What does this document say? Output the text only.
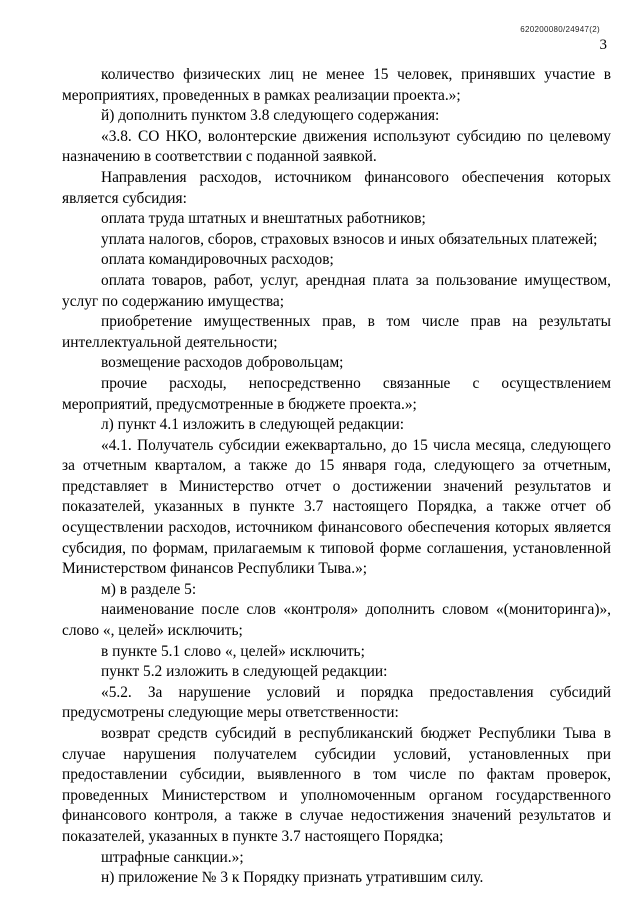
620200080/24947(2)
3

количество физических лиц не менее 15 человек, принявших участие в мероприятиях, проведенных в рамках реализации проекта.»;

й) дополнить пунктом 3.8 следующего содержания:

«3.8. СО НКО, волонтерские движения используют субсидию по целевому назначению в соответствии с поданной заявкой.

Направления расходов, источником финансового обеспечения которых является субсидия:

оплата труда штатных и внештатных работников;

уплата налогов, сборов, страховых взносов и иных обязательных платежей;

оплата командировочных расходов;

оплата товаров, работ, услуг, арендная плата за пользование имуществом, услуг по содержанию имущества;

приобретение имущественных прав, в том числе прав на результаты интеллектуальной деятельности;

возмещение расходов добровольцам;

прочие расходы, непосредственно связанные с осуществлением мероприятий, предусмотренные в бюджете проекта.»;

л) пункт 4.1 изложить в следующей редакции:

«4.1. Получатель субсидии ежеквартально, до 15 числа месяца, следующего за отчетным кварталом, а также до 15 января года, следующего за отчетным, представляет в Министерство отчет о достижении значений результатов и показателей, указанных в пункте 3.7 настоящего Порядка, а также отчет об осуществлении расходов, источником финансового обеспечения которых является субсидия, по формам, прилагаемым к типовой форме соглашения, установленной Министерством финансов Республики Тыва.»;

м) в разделе 5:

наименование после слов «контроля» дополнить словом «(мониторинга)», слово «, целей» исключить;

в пункте 5.1 слово «, целей» исключить;

пункт 5.2 изложить в следующей редакции:

«5.2. За нарушение условий и порядка предоставления субсидий предусмотрены следующие меры ответственности:

возврат средств субсидий в республиканский бюджет Республики Тыва в случае нарушения получателем субсидии условий, установленных при предоставлении субсидии, выявленного в том числе по фактам проверок, проведенных Министерством и уполномоченным органом государственного финансового контроля, а также в случае недостижения значений результатов и показателей, указанных в пункте 3.7 настоящего Порядка;

штрафные санкции.»;

н) приложение № 3 к Порядку признать утратившим силу.
